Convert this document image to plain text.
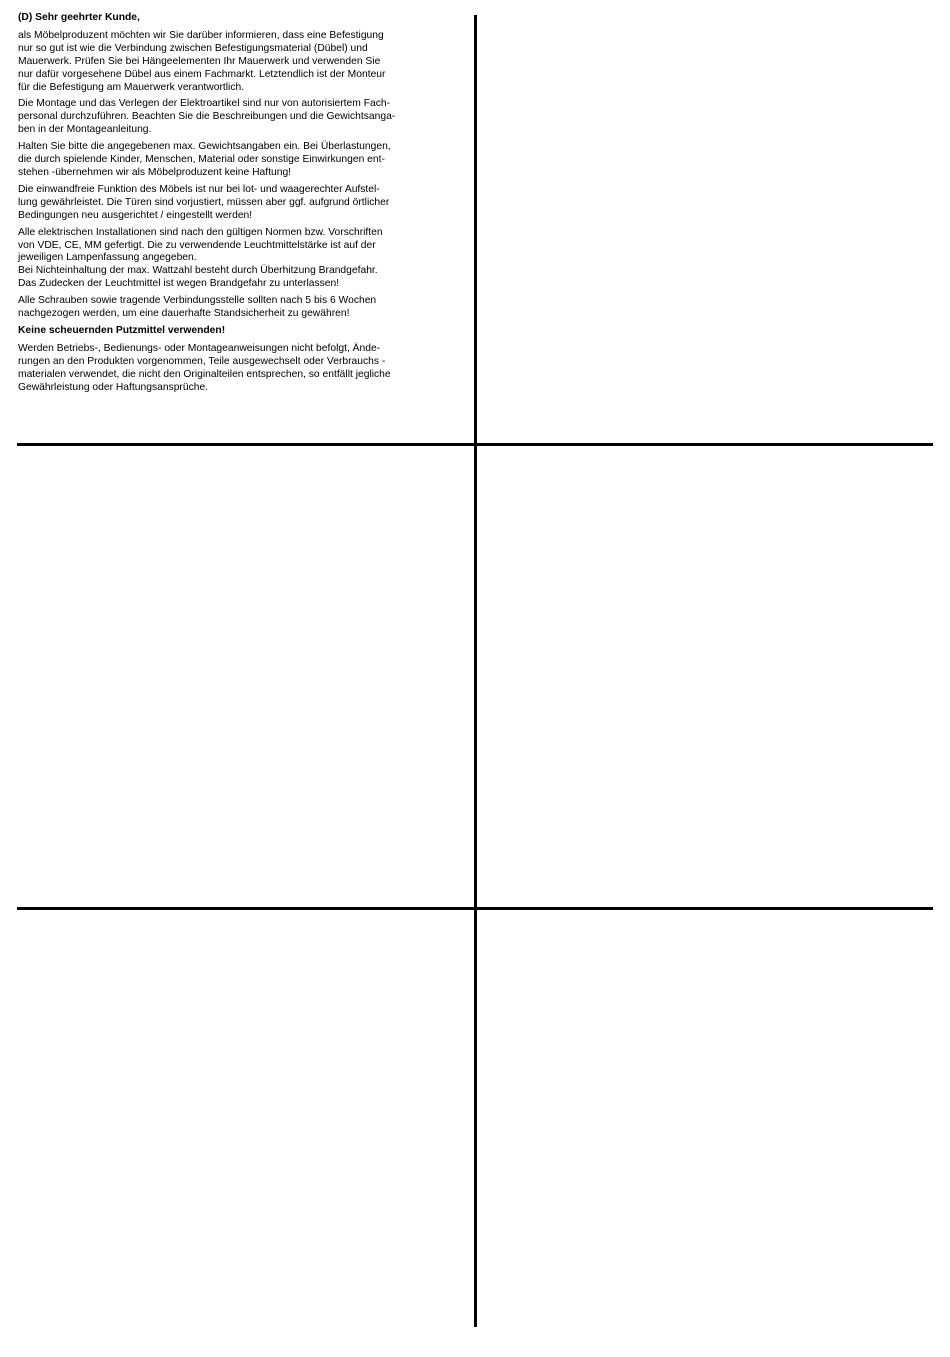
(D) Sehr geehrter Kunde,
als Möbelproduzent möchten wir Sie darüber informieren, dass eine Befestigung
nur so gut ist wie die Verbindung zwischen Befestigungsmaterial (Dübel) und
Mauerwerk. Prüfen Sie bei Hängeelementen Ihr Mauerwerk und verwenden Sie
nur dafür vorgesehene Dübel aus einem Fachmarkt. Letztendlich ist der Monteur
für die Befestigung am Mauerwerk verantwortlich.
Die Montage und das Verlegen der Elektroartikel sind nur von autorisiertem Fach-
personal durchzuführen. Beachten Sie die Beschreibungen und die Gewichtsanga-
ben in der Montageanleitung.
Halten Sie bitte die angegebenen max. Gewichtsangaben ein. Bei Überlastungen,
die durch spielende Kinder, Menschen, Material oder sonstige Einwirkungen ent-
stehen -übernehmen wir als Möbelproduzent keine Haftung!
Die einwandfreie Funktion des Möbels ist nur bei lot- und waagerechter Aufstel-
lung gewährleistet. Die Türen sind vorjustiert, müssen aber ggf. aufgrund örtlicher
Bedingungen neu ausgerichtet / eingestellt werden!
Alle elektrischen Installationen sind nach den gültigen Normen bzw. Vorschriften
von VDE, CE, MM gefertigt. Die zu verwendende Leuchtmittelstärke ist auf der
jeweiligen Lampenfassung angegeben.
Bei Nichteinhaltung der max. Wattzahl besteht durch Überhitzung Brandgefahr.
Das Zudecken der Leuchtmittel ist wegen Brandgefahr zu unterlassen!
Alle Schrauben sowie tragende Verbindungsstelle sollten nach 5 bis 6 Wochen
nachgezogen werden, um eine dauerhafte Standsicherheit zu gewähren!
Keine scheuernden Putzmittel verwenden!
Werden Betriebs-, Bedienungs- oder Montageanweisungen nicht befolgt, Ände-
rungen an den Produkten vorgenommen, Teile ausgewechselt oder Verbrauchs -
materialen verwendet, die nicht den Originalteilen entsprechen, so entfällt jegliche
Gewährleistung oder Haftungsansprüche.
